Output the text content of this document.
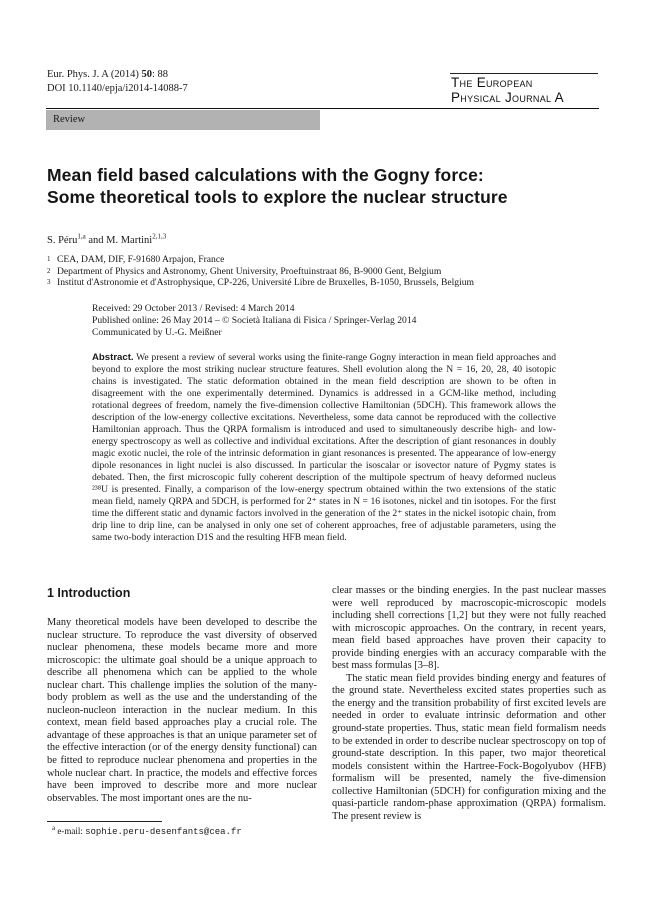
Eur. Phys. J. A (2014) 50: 88
DOI 10.1140/epja/i2014-14088-7	The European
Physical Journal A
Review
Mean field based calculations with the Gogny force:
Some theoretical tools to explore the nuclear structure
S. Péru$^{1,a}$ and M. Martini$^{2,1,3}$
1 CEA, DAM, DIF, F-91680 Arpajon, France
2 Department of Physics and Astronomy, Ghent University, Proeftuinstraat 86, B-9000 Gent, Belgium
3 Institut d'Astronomie et d'Astrophysique, CP-226, Université Libre de Bruxelles, B-1050, Brussels, Belgium
Received: 29 October 2013 / Revised: 4 March 2014
Published online: 26 May 2014 – © Società Italiana di Fisica / Springer-Verlag 2014
Communicated by U.-G. Meißner
Abstract. We present a review of several works using the finite-range Gogny interaction in mean field approaches and beyond to explore the most striking nuclear structure features. Shell evolution along the N = 16, 20, 28, 40 isotopic chains is investigated. The static deformation obtained in the mean field description are shown to be often in disagreement with the one experimentally determined. Dynamics is addressed in a GCM-like method, including rotational degrees of freedom, namely the five-dimension collective Hamiltonian (5DCH). This framework allows the description of the low-energy collective excitations. Nevertheless, some data cannot be reproduced with the collective Hamiltonian approach. Thus the QRPA formalism is introduced and used to simultaneously describe high- and low-energy spectroscopy as well as collective and individual excitations. After the description of giant resonances in doubly magic exotic nuclei, the role of the intrinsic deformation in giant resonances is presented. The appearance of low-energy dipole resonances in light nuclei is also discussed. In particular the isoscalar or isovector nature of Pygmy states is debated. Then, the first microscopic fully coherent description of the multipole spectrum of heavy deformed nucleus ²³⁸U is presented. Finally, a comparison of the low-energy spectrum obtained within the two extensions of the static mean field, namely QRPA and 5DCH, is performed for 2⁺ states in N = 16 isotones, nickel and tin isotopes. For the first time the different static and dynamic factors involved in the generation of the 2⁺ states in the nickel isotopic chain, from drip line to drip line, can be analysed in only one set of coherent approaches, free of adjustable parameters, using the same two-body interaction D1S and the resulting HFB mean field.
1 Introduction

Many theoretical models have been developed to describe the nuclear structure. To reproduce the vast diversity of observed nuclear phenomena, these models became more and more microscopic: the ultimate goal should be a unique approach to describe all phenomena which can be applied to the whole nuclear chart. This challenge implies the solution of the many-body problem as well as the use and the understanding of the nucleon-nucleon interaction in the nuclear medium. In this context, mean field based approaches play a crucial role. The advantage of these approaches is that an unique parameter set of the effective interaction (or of the energy density functional) can be fitted to reproduce nuclear phenomena and properties in the whole nuclear chart. In practice, the models and effective forces have been improved to describe more and more nuclear observables. The most important ones are the nu-

clear masses or the binding energies. In the past nuclear masses were well reproduced by macroscopic-microscopic models including shell corrections [1,2] but they were not fully reached with microscopic approaches. On the contrary, in recent years, mean field based approaches have proven their capacity to provide binding energies with an accuracy comparable with the best mass formulas [3–8].

The static mean field provides binding energy and features of the ground state. Nevertheless excited states properties such as the energy and the transition probability of first excited levels are needed in order to evaluate intrinsic deformation and other ground-state properties. Thus, static mean field formalism needs to be extended in order to describe nuclear spectroscopy on top of ground-state description. In this paper, two major theoretical models consistent within the Hartree-Fock-Bogolyubov (HFB) formalism will be presented, namely the five-dimension collective Hamiltonian (5DCH) for configuration mixing and the quasi-particle random-phase approximation (QRPA) formalism. The present review is

$^a$ e-mail: sophie.peru-desenfants@cea.fr
